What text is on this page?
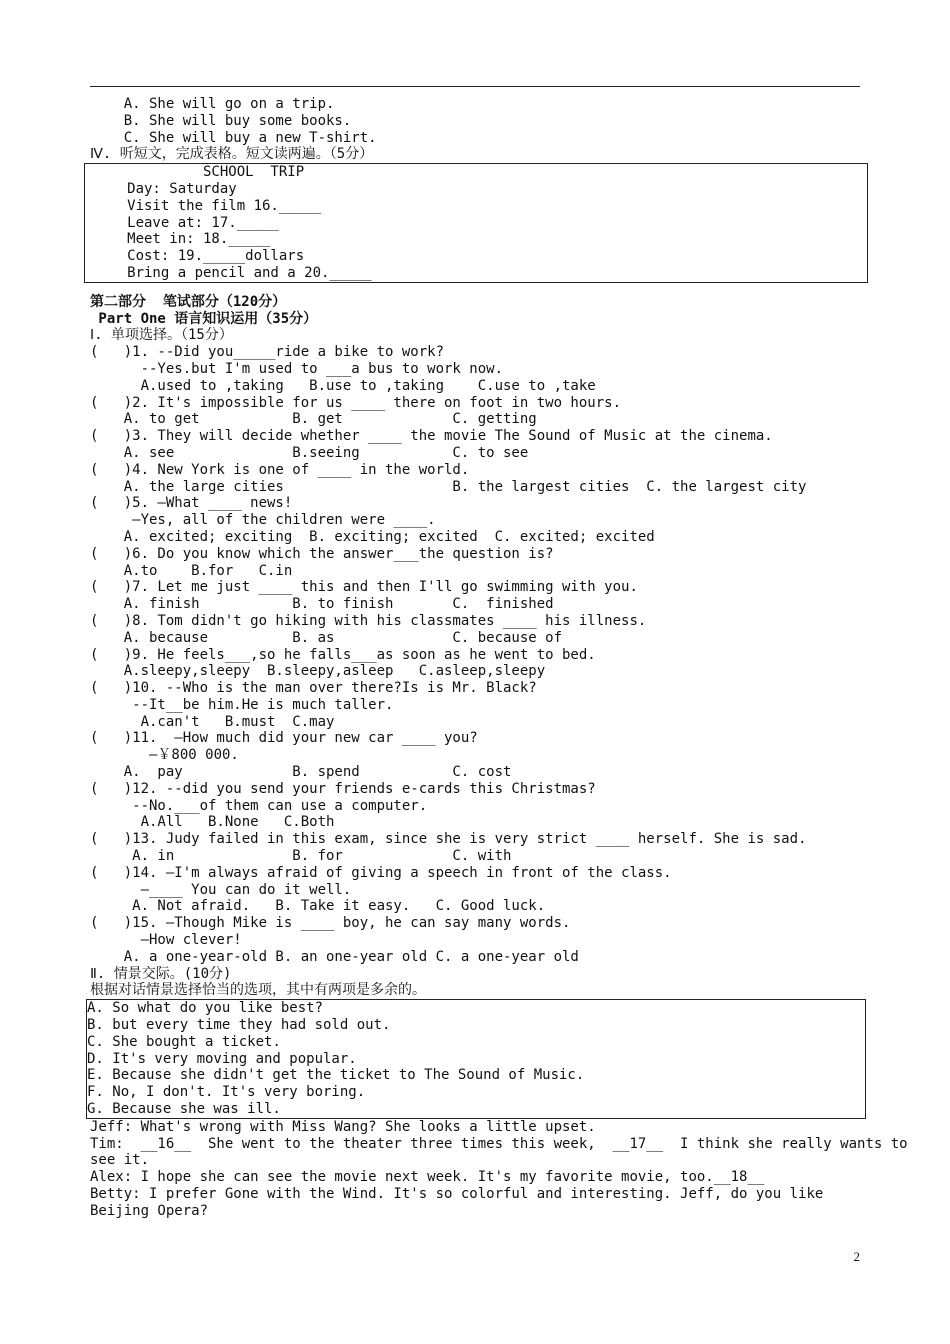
A. She will go on a trip.
B. She will buy some books.
C. She will buy a new T-shirt.
Ⅳ. 听短文，完成表格。短文读两遍。（5分）
SCHOOL  TRIP
Day: Saturday
Visit the film 16._____
Leave at: 17._____
Meet in: 18._____
Cost: 19._____dollars
Bring a pencil and a 20._____
第二部分  笔试部分（120分）
Part One 语言知识运用（35分）
Ⅰ. 单项选择。（15分）
(   )1. --Did you_____ride a bike to work?
--Yes.but I'm used to ___a bus to work now.
A.used to ,taking   B.use to ,taking    C.use to ,take
(   )2. It's impossible for us ____ there on foot in two hours.
A. to get           B. get             C. getting
(   )3. They will decide whether ____ the movie The Sound of Music at the cinema.
A. see              B.seeing           C. to see
(   )4. New York is one of ____ in the world.
A. the large cities                    B. the largest cities  C. the largest city
(   )5. —What ____ news!
—Yes, all of the children were ____.
A. excited; exciting  B. exciting; excited  C. excited; excited
(   )6. Do you know which the answer___the question is?
A.to    B.for   C.in
(   )7. Let me just ____ this and then I'll go swimming with you.
A. finish           B. to finish       C.  finished
(   )8. Tom didn't go hiking with his classmates ____ his illness.
A. because          B. as              C. because of
(   )9. He feels___,so he falls___as soon as he went to bed.
A.sleepy,sleepy  B.sleepy,asleep   C.asleep,sleepy
(   )10. --Who is the man over there?Is is Mr. Black?
--It__be him.He is much taller.
A.can't   B.must  C.may
(   )11.  —How much did your new car ____ you?
—￥800 000.
A.  pay             B. spend           C. cost
(   )12. --did you send your friends e-cards this Christmas?
--No.___of them can use a computer.
A.All   B.None   C.Both
(   )13. Judy failed in this exam, since she is very strict ____ herself. She is sad.
A. in              B. for             C. with
(   )14. —I'm always afraid of giving a speech in front of the class.
—____ You can do it well.
A. Not afraid.   B. Take it easy.   C. Good luck.
(   )15. —Though Mike is ____ boy, he can say many words.
—How clever!
A. a one-year-old B. an one-year old C. a one-year old
Ⅱ. 情景交际。(10分)
根据对话情景选择恰当的选项，其中有两项是多余的。
A. So what do you like best?
B. but every time they had sold out.
C. She bought a ticket.
D. It's very moving and popular.
E. Because she didn't get the ticket to The Sound of Music.
F. No, I don't. It's very boring.
G. Because she was ill.
Jeff: What's wrong with Miss Wang? She looks a little upset.
Tim:  __16__  She went to the theater three times this week,  __17__  I think she really wants to
see it.
Alex: I hope she can see the movie next week. It's my favorite movie, too.__18__
Betty: I prefer Gone with the Wind. It's so colorful and interesting. Jeff, do you like
Beijing Opera?
2
